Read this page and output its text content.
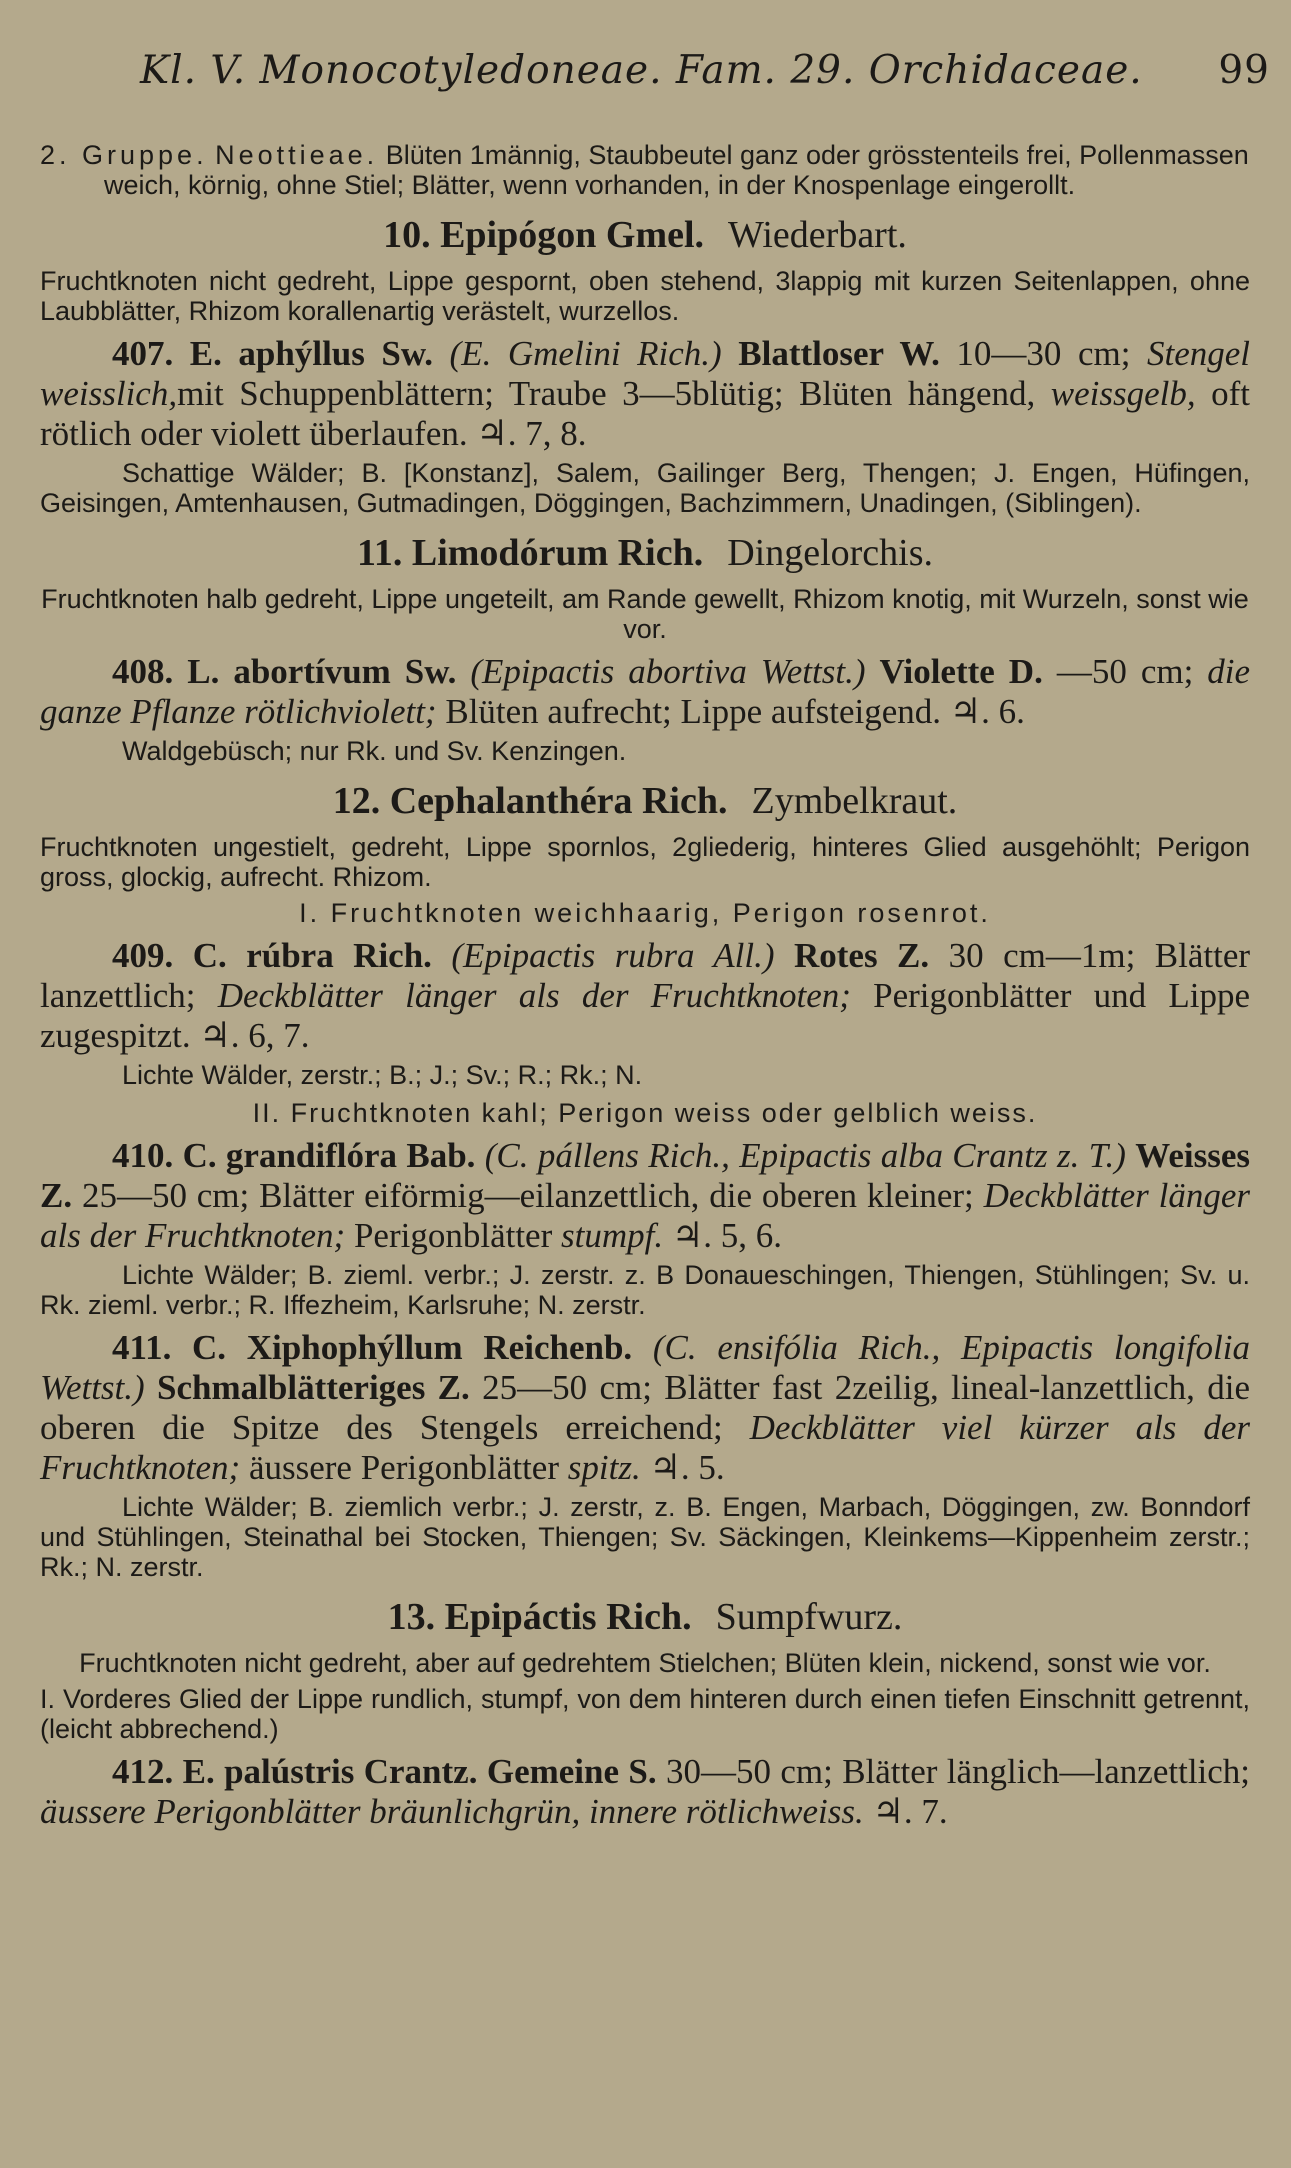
Kl. V. Monocotyledoneae. Fam. 29. Orchidaceae. 99

2. Gruppe. Neottieae. Blüten 1männig, Staubbeutel ganz oder grösstenteils frei, Pollenmassen weich, körnig, ohne Stiel; Blätter, wenn vorhanden, in der Knospenlage eingerollt.

10. Epipógon Gmel. Wiederbart.

Fruchtknoten nicht gedreht, Lippe gespornt, oben stehend, 3lappig mit kurzen Seitenlappen, ohne Laubblätter, Rhizom korallenartig verästelt, wurzellos.

407. E. aphýllus Sw. (E. Gmelini Rich.) Blattloser W. 10—30 cm; Stengel weisslich,mit Schuppenblättern; Traube 3—5blütig; Blüten hängend, weissgelb, oft rötlich oder violett überlaufen. ♃. 7, 8.

Schattige Wälder; B. [Konstanz], Salem, Gailinger Berg, Thengen; J. Engen, Hüfingen, Geisingen, Amtenhausen, Gutmadingen, Döggingen, Bachzimmern, Unadingen, (Siblingen).

11. Limodórum Rich. Dingelorchis.

Fruchtknoten halb gedreht, Lippe ungeteilt, am Rande gewellt, Rhizom knotig, mit Wurzeln, sonst wie vor.

408. L. abortívum Sw. (Epipactis abortiva Wettst.) Violette D. —50 cm; die ganze Pflanze rötlichviolett; Blüten aufrecht; Lippe aufsteigend. ♃. 6.

Waldgebüsch; nur Rk. und Sv. Kenzingen.

12. Cephalanthéra Rich. Zymbelkraut.

Fruchtknoten ungestielt, gedreht, Lippe spornlos, 2gliederig, hinteres Glied ausgehöhlt; Perigon gross, glockig, aufrecht. Rhizom.

I. Fruchtknoten weichhaarig, Perigon rosenrot.

409. C. rúbra Rich. (Epipactis rubra All.) Rotes Z. 30 cm—1m; Blätter lanzettlich; Deckblätter länger als der Fruchtknoten; Perigonblätter und Lippe zugespitzt. ♃. 6, 7.

Lichte Wälder, zerstr.; B.; J.; Sv.; R.; Rk.; N.

II. Fruchtknoten kahl; Perigon weiss oder gelblich weiss.

410. C. grandiflóra Bab. (C. pállens Rich., Epipactis alba Crantz z. T.) Weisses Z. 25—50 cm; Blätter eiförmig—eilanzettlich, die oberen kleiner; Deckblätter länger als der Fruchtknoten; Perigonblätter stumpf. ♃. 5, 6.

Lichte Wälder; B. zieml. verbr.; J. zerstr. z. B Donaueschingen, Thiengen, Stühlingen; Sv. u. Rk. zieml. verbr.; R. Iffezheim, Karlsruhe; N. zerstr.

411. C. Xiphophýllum Reichenb. (C. ensifólia Rich., Epipactis longifolia Wettst.) Schmalblätteriges Z. 25—50 cm; Blätter fast 2zeilig, lineal-lanzettlich, die oberen die Spitze des Stengels erreichend; Deckblätter viel kürzer als der Fruchtknoten; äussere Perigonblätter spitz. ♃. 5.

Lichte Wälder; B. ziemlich verbr.; J. zerstr, z. B. Engen, Marbach, Döggingen, zw. Bonndorf und Stühlingen, Steinathal bei Stocken, Thiengen; Sv. Säckingen, Kleinkems—Kippenheim zerstr.; Rk.; N. zerstr.

13. Epipáctis Rich. Sumpfwurz.

Fruchtknoten nicht gedreht, aber auf gedrehtem Stielchen; Blüten klein, nickend, sonst wie vor.

I. Vorderes Glied der Lippe rundlich, stumpf, von dem hinteren durch einen tiefen Einschnitt getrennt, (leicht abbrechend.)

412. E. palústris Crantz. Gemeine S. 30—50 cm; Blätter länglich—lanzettlich; äussere Perigonblätter bräunlichgrün, innere rötlichweiss. ♃. 7.
